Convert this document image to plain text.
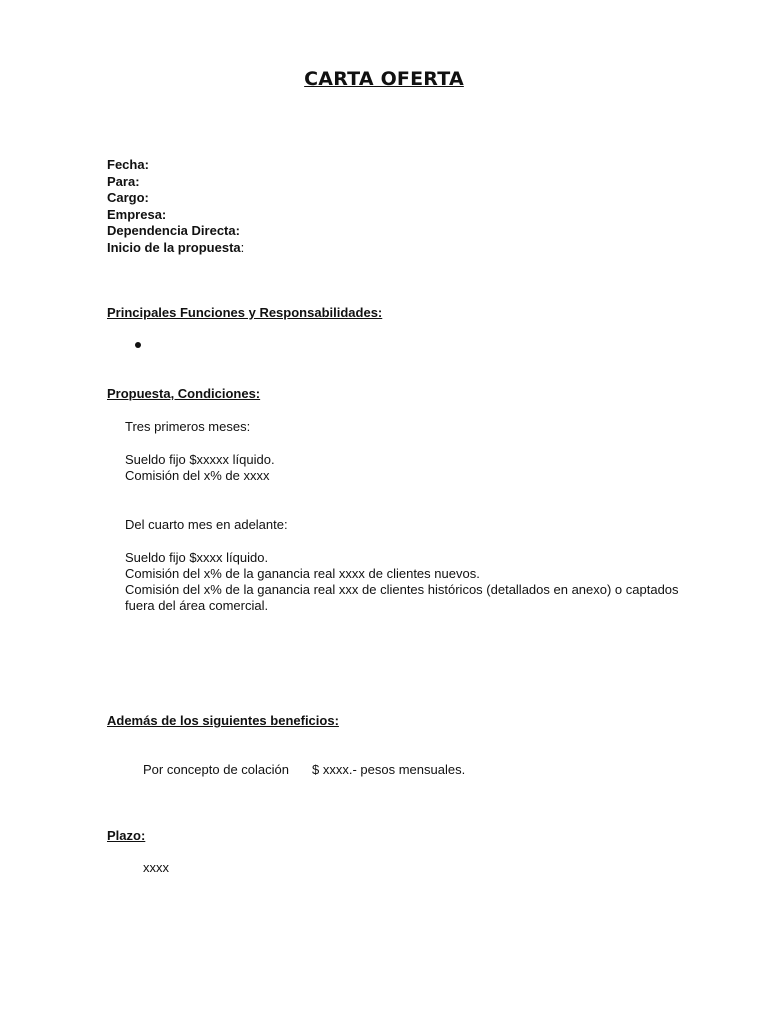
CARTA OFERTA
Fecha:
Para:
Cargo:
Empresa:
Dependencia Directa:
Inicio de la propuesta:
Principales Funciones y Responsabilidades:
Propuesta, Condiciones:
Tres primeros meses:
Sueldo fijo $xxxxx líquido.
Comisión del x% de xxxx
Del cuarto mes en adelante:
Sueldo fijo $xxxx líquido.
Comisión del x% de la ganancia real xxxx de clientes nuevos.
Comisión del x% de la ganancia real xxx de clientes históricos (detallados en anexo) o captados fuera del área comercial.
Además de los siguientes beneficios:
Por concepto de colación $ xxxx.- pesos mensuales.
Plazo:
xxxx
